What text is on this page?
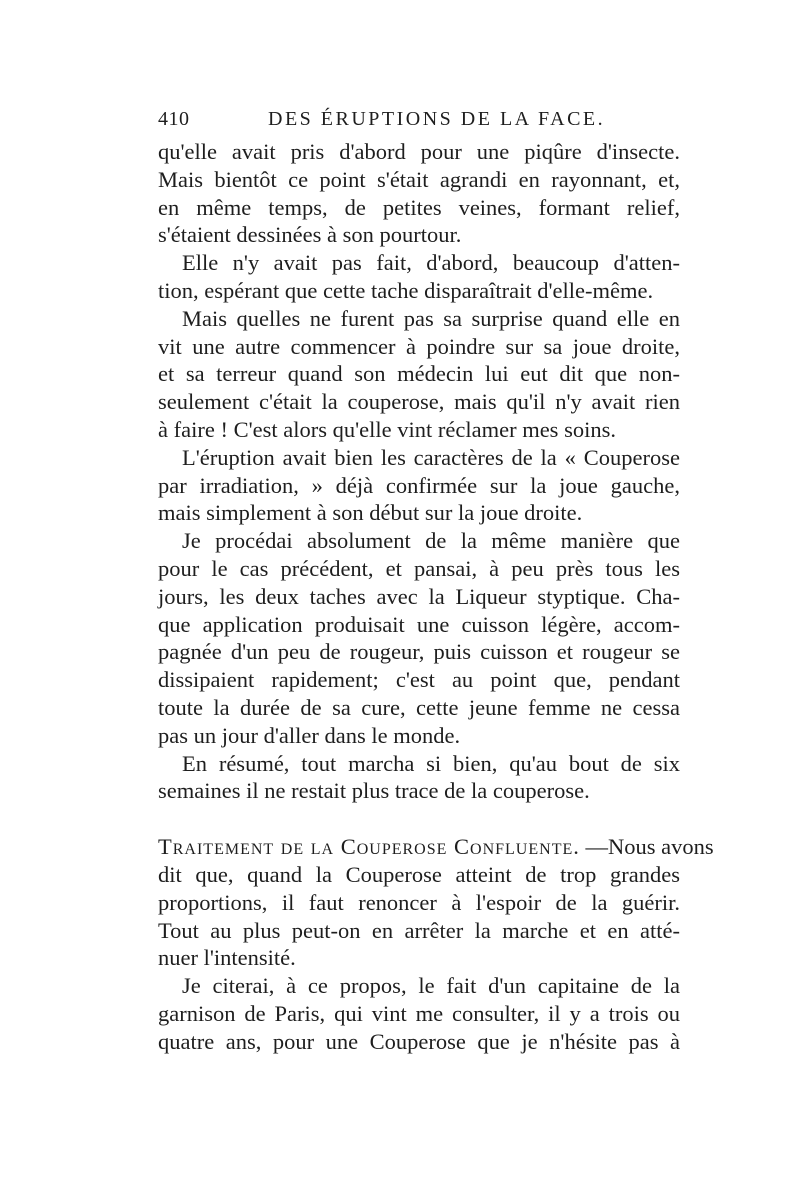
410	DES ÉRUPTIONS DE LA FACE.

qu'elle avait pris d'abord pour une piqûre d'insecte.
Mais bientôt ce point s'était agrandi en rayonnant, et,
en même temps, de petites veines, formant relief,
s'étaient dessinées à son pourtour.

Elle n'y avait pas fait, d'abord, beaucoup d'atten-
tion, espérant que cette tache disparaîtrait d'elle-même.

Mais quelles ne furent pas sa surprise quand elle en
vit une autre commencer à poindre sur sa joue droite,
et sa terreur quand son médecin lui eut dit que non-
seulement c'était la couperose, mais qu'il n'y avait rien
à faire ! C'est alors qu'elle vint réclamer mes soins.

L'éruption avait bien les caractères de la « Couperose
par irradiation, » déjà confirmée sur la joue gauche,
mais simplement à son début sur la joue droite.

Je procédai absolument de la même manière que
pour le cas précédent, et pansai, à peu près tous les
jours, les deux taches avec la Liqueur styptique. Cha-
que application produisait une cuisson légère, accom-
pagnée d'un peu de rougeur, puis cuisson et rougeur se
dissipaient rapidement; c'est au point que, pendant
toute la durée de sa cure, cette jeune femme ne cessa
pas un jour d'aller dans le monde.

En résumé, tout marcha si bien, qu'au bout de six
semaines il ne restait plus trace de la couperose.

Traitement de la Couperose Confluente. —Nous avons
dit que, quand la Couperose atteint de trop grandes
proportions, il faut renoncer à l'espoir de la guérir.
Tout au plus peut-on en arrêter la marche et en atté-
nuer l'intensité.

Je citerai, à ce propos, le fait d'un capitaine de la
garnison de Paris, qui vint me consulter, il y a trois ou
quatre ans, pour une Couperose que je n'hésite pas à
